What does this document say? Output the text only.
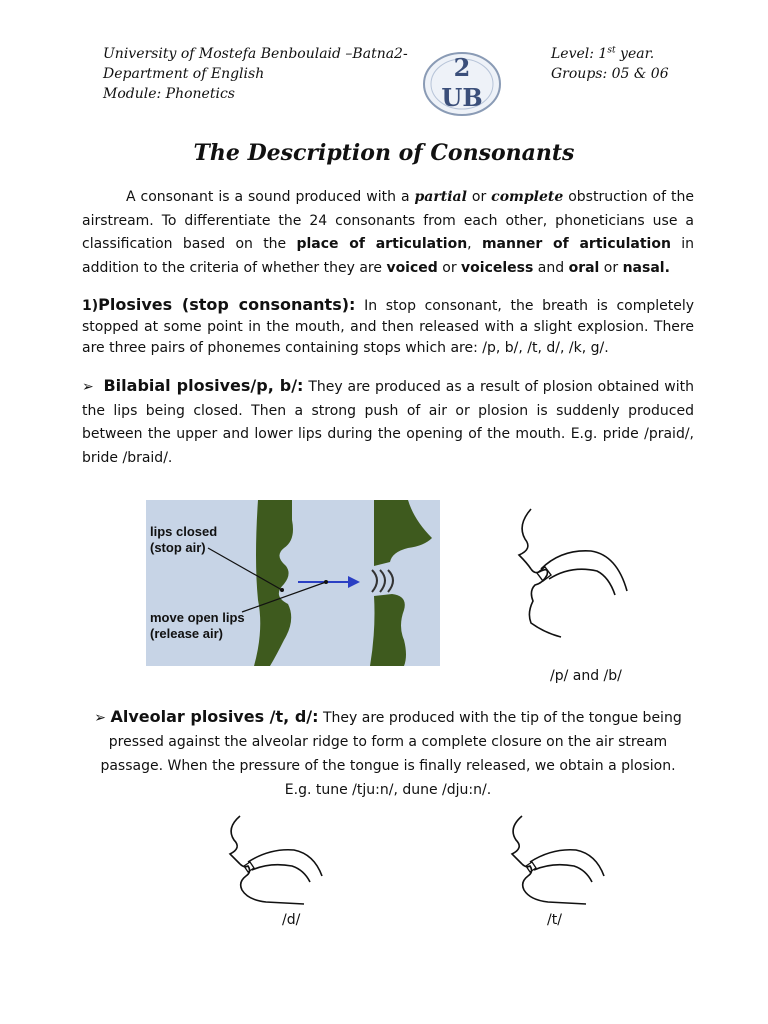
University of Mostefa Benboulaid –Batna2-
Department of English
Module: Phonetics
2
UB
Level: 1st year.
Groups: 05 & 06
The Description of Consonants
A consonant is a sound produced with a partial or complete obstruction of the airstream. To differentiate the 24 consonants from each other, phoneticians use a classification based on the place of articulation, manner of articulation in addition to the criteria of whether they are voiced or voiceless and oral or nasal.
1)Plosives (stop consonants): In stop consonant, the breath is completely stopped at some point in the mouth, and then released with a slight explosion. There are three pairs of phonemes containing stops which are: /p, b/, /t, d/, /k, g/.
➢ Bilabial plosives/p, b/: They are produced as a result of plosion obtained with the lips being closed. Then a strong push of air or plosion is suddenly produced between the upper and lower lips during the opening of the mouth. E.g. pride /praid/, bride /braid/.
lips closed
(stop air)
move open lips
(release air)
/p/ and /b/
➢ Alveolar plosives /t, d/: They are produced with the tip of the tongue being pressed against the alveolar ridge to form a complete closure on the air stream passage. When the pressure of the tongue is finally released, we obtain a plosion.
E.g. tune /tju:n/, dune /dju:n/.
/d/	/t/
